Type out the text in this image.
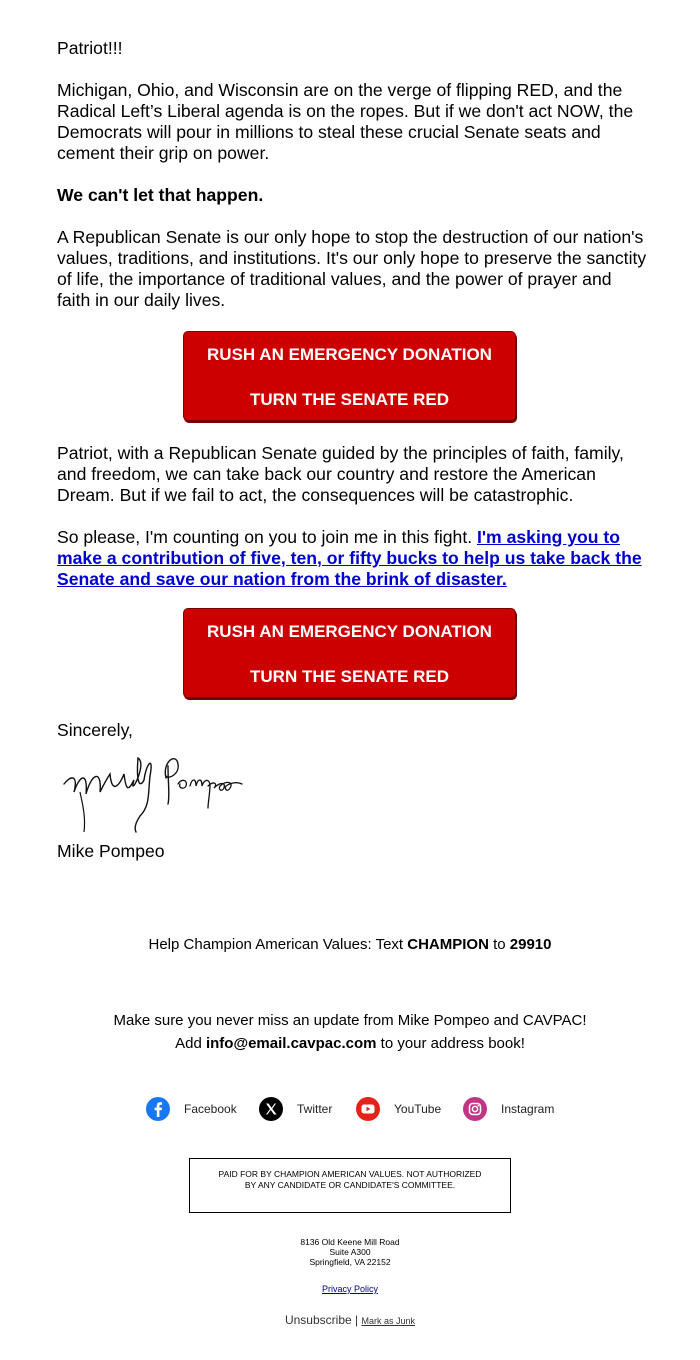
Patriot!!!

Michigan, Ohio, and Wisconsin are on the verge of flipping RED, and the Radical Left’s Liberal agenda is on the ropes. But if we don't act NOW, the Democrats will pour in millions to steal these crucial Senate seats and cement their grip on power.

We can't let that happen.

A Republican Senate is our only hope to stop the destruction of our nation's values, traditions, and institutions. It's our only hope to preserve the sanctity of life, the importance of traditional values, and the power of prayer and faith in our daily lives.

RUSH AN EMERGENCY DONATION
TURN THE SENATE RED

Patriot, with a Republican Senate guided by the principles of faith, family, and freedom, we can take back our country and restore the American Dream. But if we fail to act, the consequences will be catastrophic.

So please, I'm counting on you to join me in this fight. I'm asking you to make a contribution of five, ten, or fifty bucks to help us take back the Senate and save our nation from the brink of disaster.

RUSH AN EMERGENCY DONATION
TURN THE SENATE RED
Sincerely,
Mike Pompeo
Help Champion American Values: Text CHAMPION to 29910
Make sure you never miss an update from Mike Pompeo and CAVPAC!
Add info@email.cavpac.com to your address book!
Facebook	Twitter	YouTube	Instagram
PAID FOR BY CHAMPION AMERICAN VALUES. NOT AUTHORIZED BY ANY CANDIDATE OR CANDIDATE'S COMMITTEE.
8136 Old Keene Mill Road
Suite A300
Springfield, VA 22152
Privacy Policy
Unsubscribe | Mark as Junk
